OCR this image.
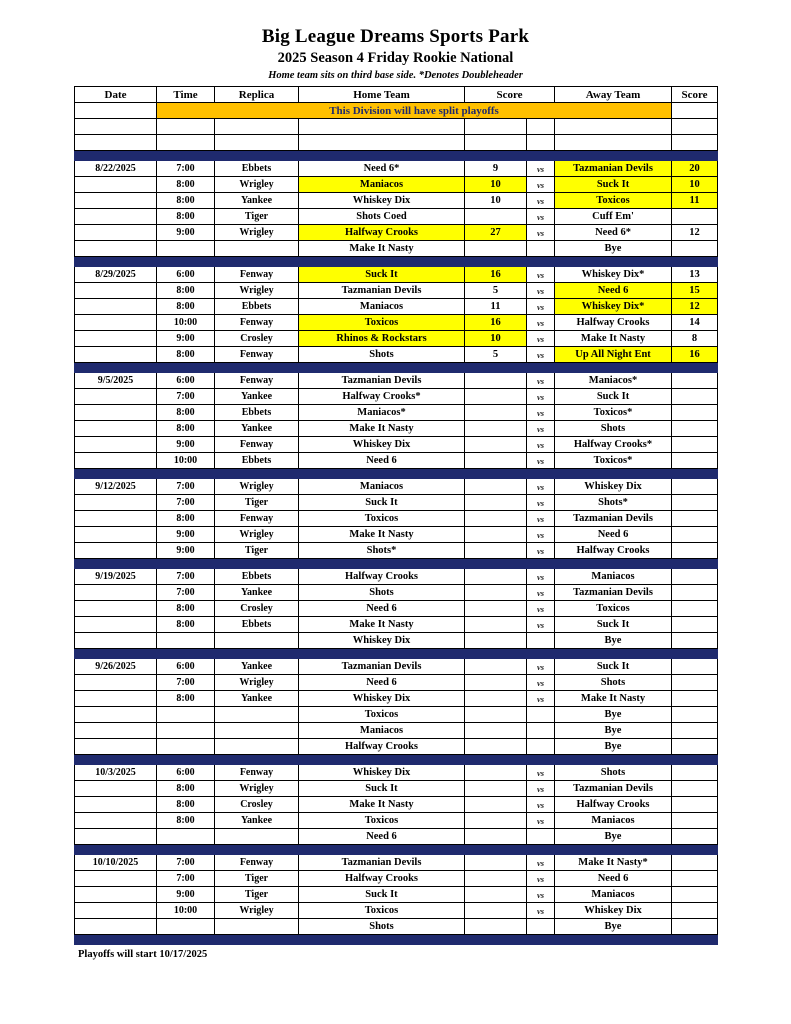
Big League Dreams Sports Park
2025 Season 4 Friday Rookie National
Home team sits on third base side. *Denotes Doubleheader
Date	Time	Replica	Home Team	Score		Away Team	Score
	This Division will have split playoffs						

8/22/2025	7:00	Ebbets	Need 6*	9	vs	Tazmanian Devils	20
	8:00	Wrigley	Maniacos	10	vs	Suck It	10
	8:00	Yankee	Whiskey Dix	10	vs	Toxicos	11
	8:00	Tiger	Shots Coed		vs	Cuff Em'	
	9:00	Wrigley	Halfway Crooks	27	vs	Need 6*	12
			Make It Nasty			Bye	

8/29/2025	6:00	Fenway	Suck It	16	vs	Whiskey Dix*	13
	8:00	Wrigley	Tazmanian Devils	5	vs	Need 6	15
	8:00	Ebbets	Maniacos	11	vs	Whiskey Dix*	12
	10:00	Fenway	Toxicos	16	vs	Halfway Crooks	14
	9:00	Crosley	Rhinos & Rockstars	10	vs	Make It Nasty	8
	8:00	Fenway	Shots	5	vs	Up All Night Ent	16

9/5/2025	6:00	Fenway	Tazmanian Devils		vs	Maniacos*	
	7:00	Yankee	Halfway Crooks*		vs	Suck It	
	8:00	Ebbets	Maniacos*		vs	Toxicos*	
	8:00	Yankee	Make It Nasty		vs	Shots	
	9:00	Fenway	Whiskey Dix		vs	Halfway Crooks*	
	10:00	Ebbets	Need 6		vs	Toxicos*	

9/12/2025	7:00	Wrigley	Maniacos		vs	Whiskey Dix	
	7:00	Tiger	Suck It		vs	Shots*	
	8:00	Fenway	Toxicos		vs	Tazmanian Devils	
	9:00	Wrigley	Make It Nasty		vs	Need 6	
	9:00	Tiger	Shots*		vs	Halfway Crooks	

9/19/2025	7:00	Ebbets	Halfway Crooks		vs	Maniacos	
	7:00	Yankee	Shots		vs	Tazmanian Devils	
	8:00	Crosley	Need 6		vs	Toxicos	
	8:00	Ebbets	Make It Nasty		vs	Suck It	
			Whiskey Dix			Bye	

9/26/2025	6:00	Yankee	Tazmanian Devils		vs	Suck It	
	7:00	Wrigley	Need 6		vs	Shots	
	8:00	Yankee	Whiskey Dix		vs	Make It Nasty	
			Toxicos			Bye	
			Maniacos			Bye	
			Halfway Crooks			Bye	

10/3/2025	6:00	Fenway	Whiskey Dix		vs	Shots	
	8:00	Wrigley	Suck It		vs	Tazmanian Devils	
	8:00	Crosley	Make It Nasty		vs	Halfway Crooks	
	8:00	Yankee	Toxicos		vs	Maniacos	
			Need 6			Bye	

10/10/2025	7:00	Fenway	Tazmanian Devils		vs	Make It Nasty*	
	7:00	Tiger	Halfway Crooks		vs	Need 6	
	9:00	Tiger	Suck It		vs	Maniacos	
	10:00	Wrigley	Toxicos		vs	Whiskey Dix	
			Shots			Bye	

Playoffs will start 10/17/2025
